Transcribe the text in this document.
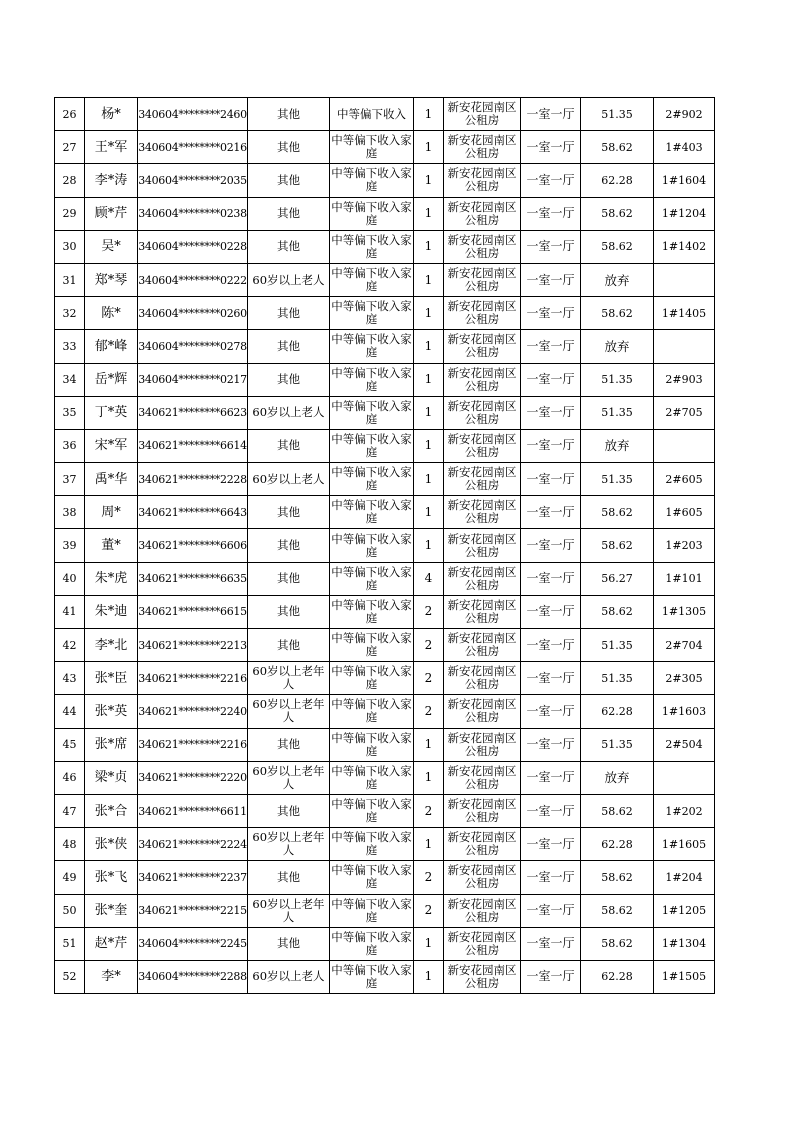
26	杨*	340604********2460	其他	中等偏下收入	1	新安花园南区公租房	一室一厅	51.35	2#902
27	王*军	340604********0216	其他	中等偏下收入家庭	1	新安花园南区公租房	一室一厅	58.62	1#403
28	李*涛	340604********2035	其他	中等偏下收入家庭	1	新安花园南区公租房	一室一厅	62.28	1#1604
29	顾*芹	340604********0238	其他	中等偏下收入家庭	1	新安花园南区公租房	一室一厅	58.62	1#1204
30	吴*	340604********0228	其他	中等偏下收入家庭	1	新安花园南区公租房	一室一厅	58.62	1#1402
31	郑*琴	340604********0222	60岁以上老人	中等偏下收入家庭	1	新安花园南区公租房	一室一厅	放弃	
32	陈*	340604********0260	其他	中等偏下收入家庭	1	新安花园南区公租房	一室一厅	58.62	1#1405
33	郁*峰	340604********0278	其他	中等偏下收入家庭	1	新安花园南区公租房	一室一厅	放弃	
34	岳*辉	340604********0217	其他	中等偏下收入家庭	1	新安花园南区公租房	一室一厅	51.35	2#903
35	丁*英	340621********6623	60岁以上老人	中等偏下收入家庭	1	新安花园南区公租房	一室一厅	51.35	2#705
36	宋*军	340621********6614	其他	中等偏下收入家庭	1	新安花园南区公租房	一室一厅	放弃	
37	禹*华	340621********2228	60岁以上老人	中等偏下收入家庭	1	新安花园南区公租房	一室一厅	51.35	2#605
38	周*	340621********6643	其他	中等偏下收入家庭	1	新安花园南区公租房	一室一厅	58.62	1#605
39	董*	340621********6606	其他	中等偏下收入家庭	1	新安花园南区公租房	一室一厅	58.62	1#203
40	朱*虎	340621********6635	其他	中等偏下收入家庭	4	新安花园南区公租房	一室一厅	56.27	1#101
41	朱*迪	340621********6615	其他	中等偏下收入家庭	2	新安花园南区公租房	一室一厅	58.62	1#1305
42	李*北	340621********2213	其他	中等偏下收入家庭	2	新安花园南区公租房	一室一厅	51.35	2#704
43	张*臣	340621********2216	60岁以上老年人	中等偏下收入家庭	2	新安花园南区公租房	一室一厅	51.35	2#305
44	张*英	340621********2240	60岁以上老年人	中等偏下收入家庭	2	新安花园南区公租房	一室一厅	62.28	1#1603
45	张*席	340621********2216	其他	中等偏下收入家庭	1	新安花园南区公租房	一室一厅	51.35	2#504
46	梁*贞	340621********2220	60岁以上老年人	中等偏下收入家庭	1	新安花园南区公租房	一室一厅	放弃	
47	张*合	340621********6611	其他	中等偏下收入家庭	2	新安花园南区公租房	一室一厅	58.62	1#202
48	张*侠	340621********2224	60岁以上老年人	中等偏下收入家庭	1	新安花园南区公租房	一室一厅	62.28	1#1605
49	张*飞	340621********2237	其他	中等偏下收入家庭	2	新安花园南区公租房	一室一厅	58.62	1#204
50	张*奎	340621********2215	60岁以上老年人	中等偏下收入家庭	2	新安花园南区公租房	一室一厅	58.62	1#1205
51	赵*芹	340604********2245	其他	中等偏下收入家庭	1	新安花园南区公租房	一室一厅	58.62	1#1304
52	李*	340604********2288	60岁以上老人	中等偏下收入家庭	1	新安花园南区公租房	一室一厅	62.28	1#1505
